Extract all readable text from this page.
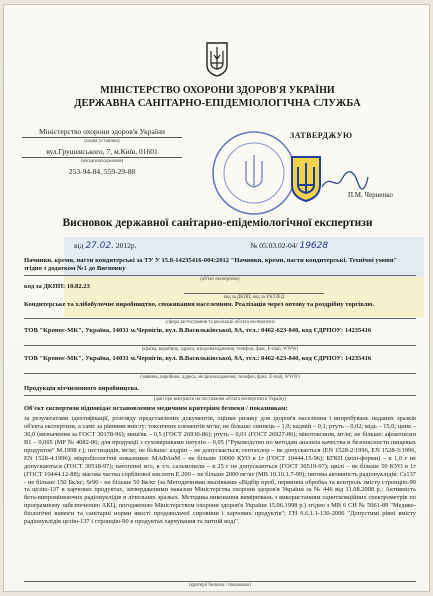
МІНІСТЕРСТВО ОХОРОНИ ЗДОРОВ'Я УКРАЇНИ
ДЕРЖАВНА САНІТАРНО-ЕПІДЕМІОЛОГІЧНА СЛУЖБА
Міністерство охорони здоров'я України
(назва установи)
вул.Грушевського, 7, м.Київ, 01601
(місцезнаходження)
253-94-84, 559-29-88
ЗАТВЕРДЖУЮ
П.М. Черненко
Висновок державної санітарно-епідеміологічної експертизи
від 27.02. 2012р.	№ 05.03.02-04/ 19628
Начинки, креми, пасти кондитерські за ТУ У 15.8-14235416-004:2012 "Начинки, креми, пасти кондитерські. Технічні умови" згідно з додатком №1 до Висновку
(об'єкт експертизи)
код за ДКПП: 10.82.23
код за ДКПП, код за УКТЗЕД
Кондитерське та хлібобулочне виробництво, споживання населенням. Реалізація через оптову та роздрібну торгівлю.
(сфера застосування та реалізації об'єкта експертизи)
ТОВ "Кронос-МК", Україна, 14031 м.Чернігів, вул. В.Васильківської, 9А, тел.: 0462-623-840, код ЄДРПОУ: 14235416
(країна, виробник, адреса, місцезнаходження, телефон, факс, E-mail, WWW)
ТОВ "Кронос-МК", Україна, 14031 м.Чернігів, вул. В.Васильківської, 9А, тел.: 0462-623-840, код ЄДРПОУ: 14235416
(заявник, виробник, адреса, місцезнаходження, телефон, факс, E-mail, WWW)
Продукція вітчизняного виробництва.
(дані про контракти на постачання об'єкта експертизи в Україну)
Об'єкт експертизи відповідає встановленим медичним критеріям безпеки / показникам:
за результатами ідентифікації, розгляду представлених документів, оцінки ризику для здоров'я населення і випробувань наданих зразків об'єкта експертизи, а саме за рівнями вмісту: токсичних елементів мг/кг, не більше: свинець – 1,0; кадмій – 0,1; ртуть – 0,02; мідь – 15,0; цинк – 30,0 (визначення за ГОСТ 30178-96); миш'як – 0,5 (ГОСТ 26930-86); ртуть – 0,01 (ГОСТ 26927-86); мікотоксинів, мг/кг, не більше: афлатоксин В1 – 0,005 (МР № 4082-86; для продукції з суховершками патулін – 0,05 ("Руководство по методам анализа качества и безопасности пищевых продуктов" М.1998 г.); пестицидів, мг/кг, не більше: алдрін – не допускається; гептахлор – не допускається (ЕN 1528-2:1996, ЕN 1528-3:1996, ЕN 1528-4:1996); мікробіологічні показники: МАФАнМ – не більше 10000 КУО в 1г (ГОСТ 10444.15-96); БГКП (колі-форми) – в 1,0 г не допускаються (ГОСТ 30518-97); патогенні м/о, в т.ч. сальмонели – в 25 г не допускаються (ГОСТ 30519-97); цвілі – не більше 50 КУО в 1г (ГОСТ 10444.12-88); масова частка сорбінової кислоти Е 200 – не більше 2000 мг/кг (МВ 10.10.1.7-99); питома активність радіонуклідів: Cs137 - не більше 150 Бк/кг; Sr90 - не більше 50 Бк/кг (за Методичними вказівками «Відбір проб, первинна обробка та контроль змісту стронцію-90 та цезію-137 в харчових продуктах, затвердженими наказом Міністерства охорони здоров'я України за № 446 від 11.08.2008 р.; Активність бета-випромінюючих радіонуклідів в лічильних зразках. Методика виконання вимірювань з використанням сцинтиляційних спектрометрів по програмному забезпеченню АКЦ, погодженою Міністерством охорони здоров'я України 15.06.1998 р.) згідно з МВ 6 СН № 5061-89 "Медико-біологічні вимоги та санітарні норми якості продовольчої сировини і харчових продуктів"; ГН 6.6.1.1-130-2006 "Допустимі рівні вмісту радіонуклідів цезію-137 і стронцію-90 в продуктах харчування та питній воді".
(критерії безпеки / показники)
